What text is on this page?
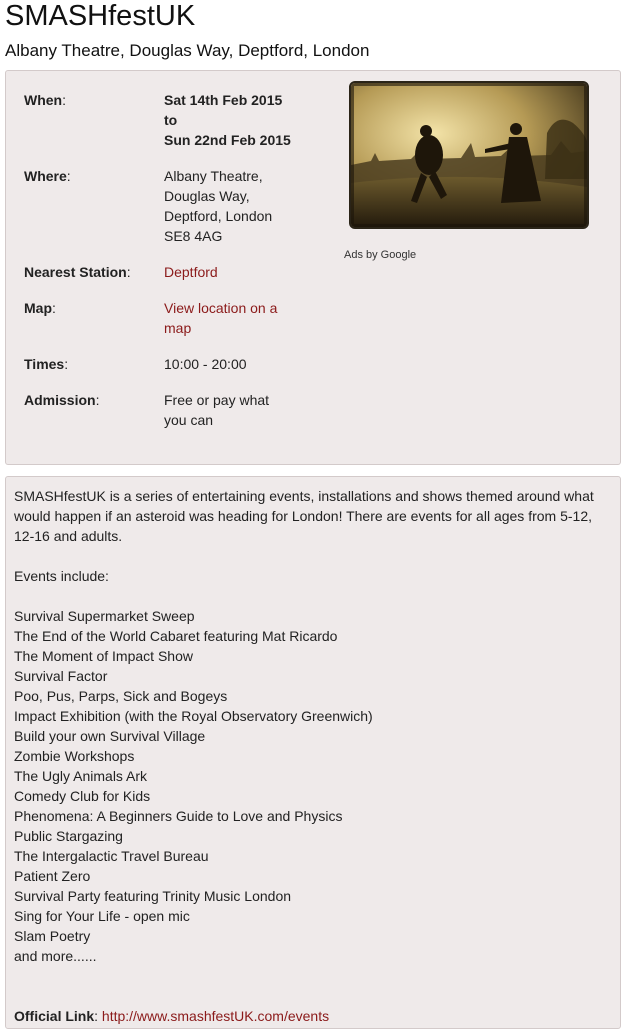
SMASHfestUK
Albany Theatre, Douglas Way, Deptford, London
When:	Sat 14th Feb 2015
to
Sun 22nd Feb 2015
Where:	Albany Theatre,
Douglas Way,
Deptford, London
SE8 4AG
Nearest Station:	Deptford
Map:	View location on a
map
Times:	10:00 - 20:00
Admission:	Free or pay what
you can
Ads by Google
SMASHfestUK is a series of entertaining events, installations and shows themed around what would happen if an asteroid was heading for London! There are events for all ages from 5-12, 12-16 and adults.
Events include:
Survival Supermarket Sweep
The End of the World Cabaret featuring Mat Ricardo
The Moment of Impact Show
Survival Factor
Poo, Pus, Parps, Sick and Bogeys
Impact Exhibition (with the Royal Observatory Greenwich)
Build your own Survival Village
Zombie Workshops
The Ugly Animals Ark
Comedy Club for Kids
Phenomena: A Beginners Guide to Love and Physics
Public Stargazing
The Intergalactic Travel Bureau
Patient Zero
Survival Party featuring Trinity Music London
Sing for Your Life - open mic
Slam Poetry
and more......
Official Link: http://www.smashfestUK.com/events
